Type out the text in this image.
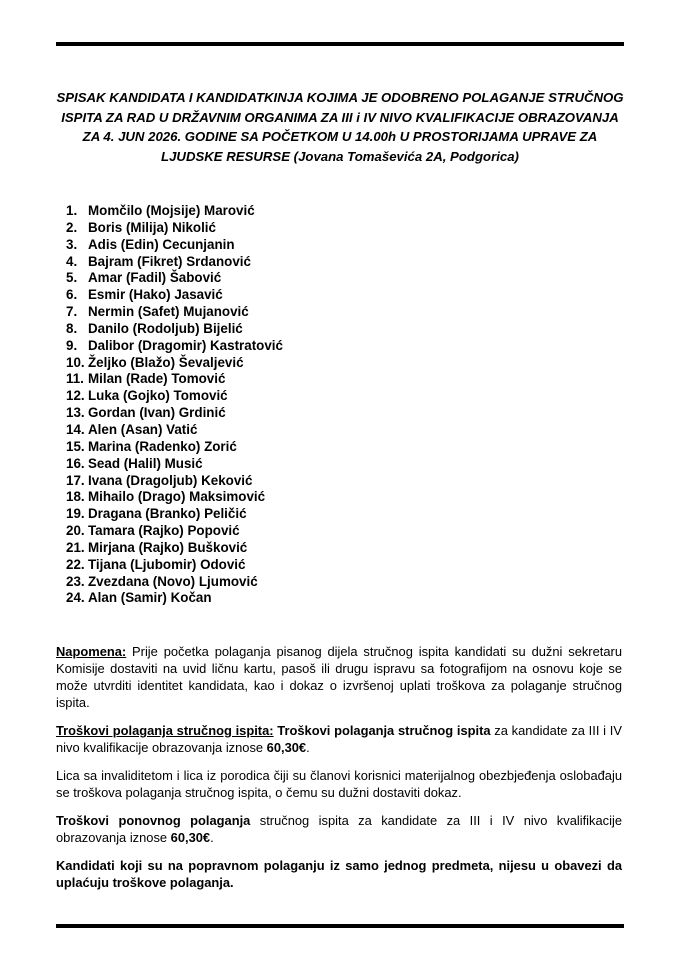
SPISAK KANDIDATA I KANDIDATKINJA KOJIMA JE ODOBRENO POLAGANJE STRUČNOG ISPITA ZA RAD U DRŽAVNIM ORGANIMA ZA III i IV NIVO KVALIFIKACIJE OBRAZOVANJA ZA 4. JUN 2026. GODINE SA POČETKOM U 14.00h U PROSTORIJAMA UPRAVE ZA LJUDSKE RESURSE (Jovana Tomaševića 2A, Podgorica)

1. Momčilo (Mojsije) Marović
2. Boris (Milija) Nikolić
3. Adis (Edin) Cecunjanin
4. Bajram (Fikret) Srdanović
5. Amar (Fadil) Šabović
6. Esmir (Hako) Jasavić
7. Nermin (Safet) Mujanović
8. Danilo (Rodoljub) Bijelić
9. Dalibor (Dragomir) Kastratović
10. Željko (Blažo) Ševaljević
11. Milan (Rade) Tomović
12. Luka (Gojko) Tomović
13. Gordan (Ivan) Grdinić
14. Alen (Asan) Vatić
15. Marina (Radenko) Zorić
16. Sead (Halil) Musić
17. Ivana (Dragoljub) Keković
18. Mihailo (Drago) Maksimović
19. Dragana (Branko) Peličić
20. Tamara (Rajko) Popović
21. Mirjana (Rajko) Bušković
22. Tijana (Ljubomir) Odović
23. Zvezdana (Novo) Ljumović
24. Alan (Samir) Kočan

Napomena: Prije početka polaganja pisanog dijela stručnog ispita kandidati su dužni sekretaru Komisije dostaviti na uvid ličnu kartu, pasoš ili drugu ispravu sa fotografijom na osnovu koje se može utvrditi identitet kandidata, kao i dokaz o izvršenoj uplati troškova za polaganje stručnog ispita.

Troškovi polaganja stručnog ispita: Troškovi polaganja stručnog ispita za kandidate za III i IV nivo kvalifikacije obrazovanja iznose 60,30€.

Lica sa invaliditetom i lica iz porodica čiji su članovi korisnici materijalnog obezbjeđenja oslobađaju se troškova polaganja stručnog ispita, o čemu su dužni dostaviti dokaz.

Troškovi ponovnog polaganja stručnog ispita za kandidate za III i IV nivo kvalifikacije obrazovanja iznose 60,30€.

Kandidati koji su na popravnom polaganju iz samo jednog predmeta, nijesu u obavezi da uplaćuju troškove polaganja.
